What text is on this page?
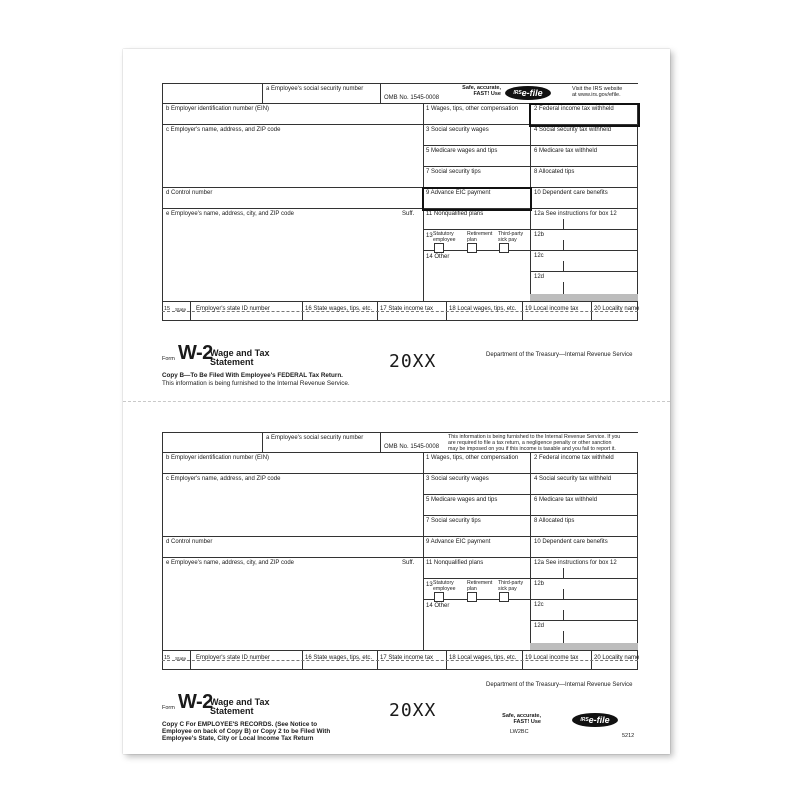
a Employee's social security number
OMB No. 1545-0008
b Employer identification number (EIN)
c Employer's name, address, and ZIP code
d Control number
e Employee's name, address, city, and ZIP code	Suff.
1 Wages, tips, other compensation	2 Federal income tax withheld
3 Social security wages	4 Social security tax withheld
5 Medicare wages and tips	6 Medicare tax withheld
7 Social security tips	8 Allocated tips
9 Advance EIC payment	10 Dependent care benefits
11 Nonqualified plans	12a See instructions for box 12
12b
12c
12d
13 Statutory employee
Retirement plan
Third-party sick pay
14 Other
15 State Employer's state ID number	16 State wages, tips, etc. 17 State income tax	18 Local wages, tips, etc. 19 Local income tax	20 Locality name
Safe, accurate,
FAST! Use	$^{IRS}$e-file	Visit the IRS website
at www.irs.gov/efile.
Form W-2
Wage and Tax
Statement	20XX	Department of the Treasury—Internal Revenue Service
Copy B—To Be Filed With Employee's FEDERAL Tax Return.
This information is being furnished to the Internal Revenue Service.
a Employee's social security number
OMB No. 1545-0008
b Employer identification number (EIN)
c Employer's name, address, and ZIP code
d Control number
e Employee's name, address, city, and ZIP code	Suff.
1 Wages, tips, other compensation	2 Federal income tax withheld
3 Social security wages	4 Social security tax withheld
5 Medicare wages and tips	6 Medicare tax withheld
7 Social security tips	8 Allocated tips
9 Advance EIC payment	10 Dependent care benefits
11 Nonqualified plans	12a See instructions for box 12
12b
12c
12d
13 Statutory employee
Retirement plan
Third-party sick pay
14 Other
15 State Employer's state ID number	16 State wages, tips, etc. 17 State income tax	18 Local wages, tips, etc. 19 Local income tax	20 Locality name
This information is being furnished to the Internal Revenue Service. If you
are required to file a tax return, a negligence penalty or other sanction
may be imposed on you if this income is taxable and you fail to report it.
Form W-2
Wage and Tax
Statement	20XX
Department of the Treasury—Internal Revenue Service
Copy C For EMPLOYEE'S RECORDS. (See Notice to
Employee on back of Copy B) or Copy 2 to be Filed With
Employee's State, City or Local Income Tax Return
Safe, accurate,
FAST! Use	$^{IRS}$e-file
LW2BC
5212
